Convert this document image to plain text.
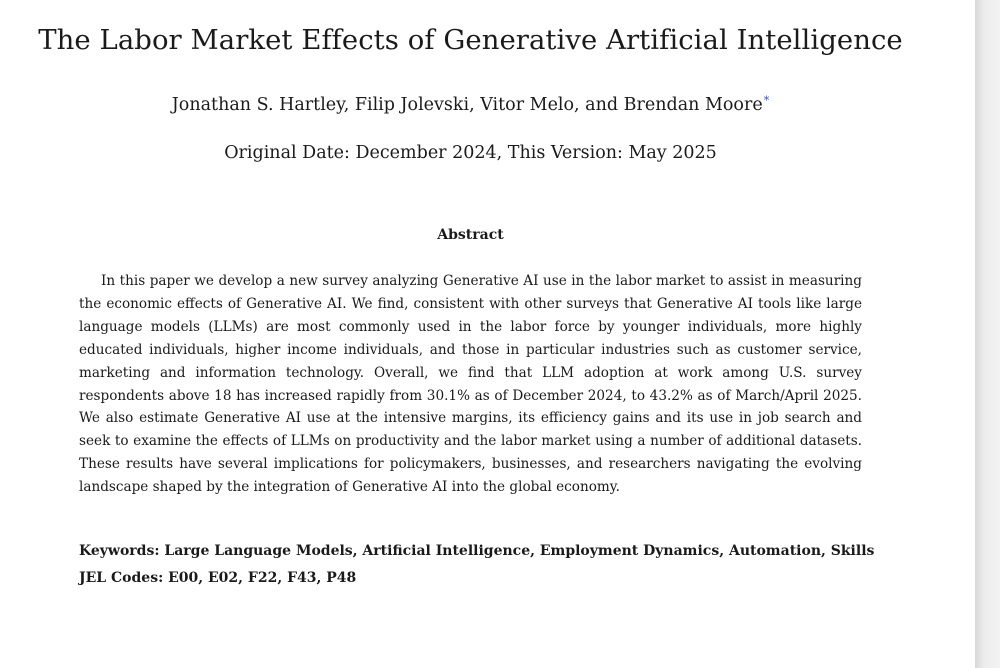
The Labor Market Effects of Generative Artificial Intelligence
Jonathan S. Hartley, Filip Jolevski, Vitor Melo, and Brendan Moore*
Original Date: December 2024, This Version: May 2025
Abstract

In this paper we develop a new survey analyzing Generative AI use in the labor market to assist in measuring the economic effects of Generative AI. We find, consistent with other surveys that Generative AI tools like large language models (LLMs) are most commonly used in the labor force by younger individuals, more highly educated individuals, higher income individuals, and those in particular industries such as customer service, marketing and information technology. Overall, we find that LLM adoption at work among U.S. survey respondents above 18 has increased rapidly from 30.1% as of December 2024, to 43.2% as of March/April 2025. We also estimate Generative AI use at the intensive margins, its efficiency gains and its use in job search and seek to examine the effects of LLMs on productivity and the labor market using a number of additional datasets. These results have several implications for policymakers, businesses, and researchers navigating the evolving landscape shaped by the integration of Generative AI into the global economy.

Keywords: Large Language Models, Artificial Intelligence, Employment Dynamics, Automation, Skills
JEL Codes: E00, E02, F22, F43, P48
